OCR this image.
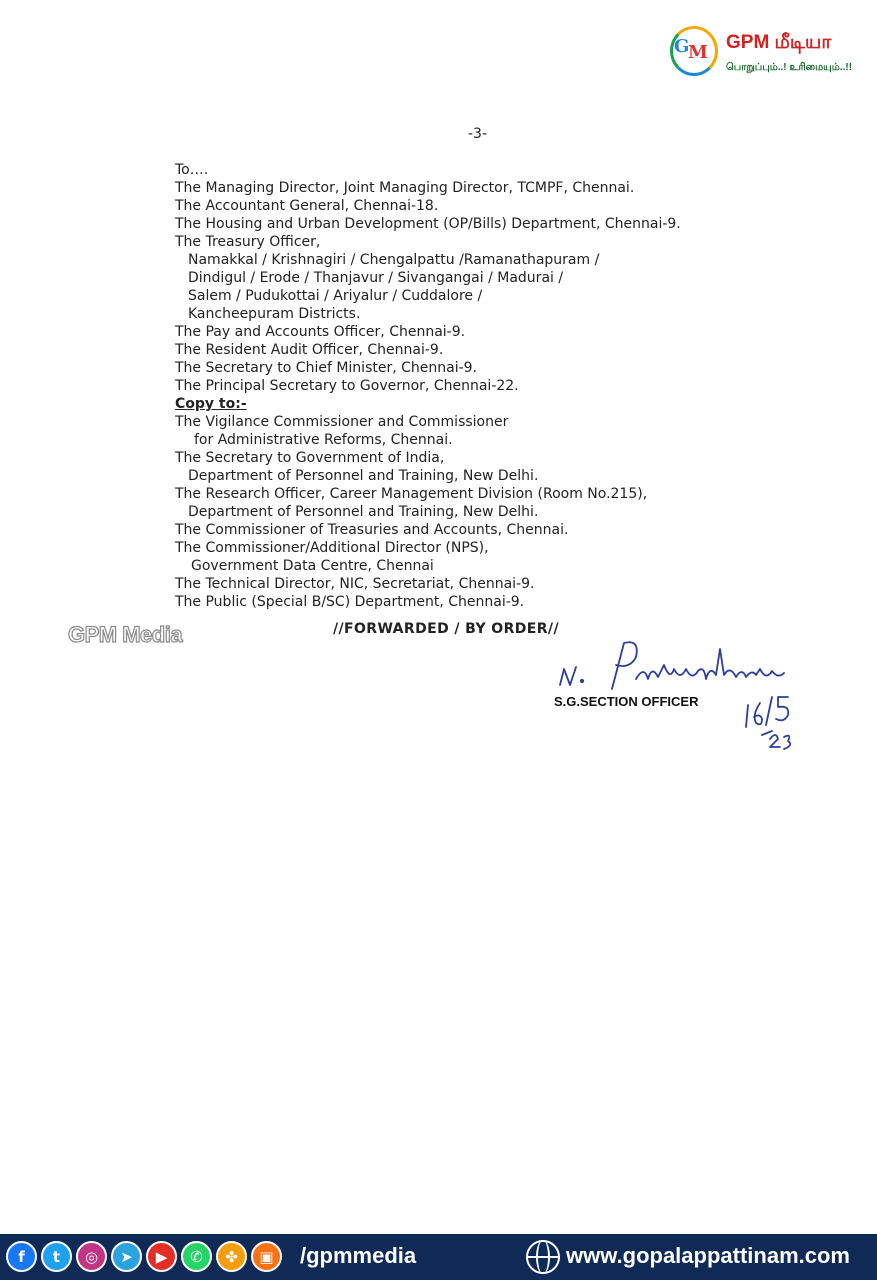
G
M GPM மீடியா
பொறுப்பும்..! உரிமையும்..!!
-3-
To….
The Managing Director, Joint Managing Director, TCMPF, Chennai.
The Accountant General, Chennai-18.
The Housing and Urban Development (OP/Bills) Department, Chennai-9.
The Treasury Officer,
Namakkal / Krishnagiri / Chengalpattu /Ramanathapuram /
Dindigul / Erode / Thanjavur / Sivangangai / Madurai /
Salem / Pudukottai / Ariyalur / Cuddalore /
Kancheepuram Districts.
The Pay and Accounts Officer, Chennai-9.
The Resident Audit Officer, Chennai-9.
The Secretary to Chief Minister, Chennai-9.
The Principal Secretary to Governor, Chennai-22.
Copy to:-
The Vigilance Commissioner and Commissioner
for Administrative Reforms, Chennai.
The Secretary to Government of India,
Department of Personnel and Training, New Delhi.
The Research Officer, Career Management Division (Room No.215),
Department of Personnel and Training, New Delhi.
The Commissioner of Treasuries and Accounts, Chennai.
The Commissioner/Additional Director (NPS),
Government Data Centre, Chennai
The Technical Director, NIC, Secretariat, Chennai-9.
The Public (Special B/SC) Department, Chennai-9.
GPM Media	//FORWARDED / BY ORDER//
S.G.SECTION OFFICER
f	t	◎	➤	▶	✆	✤	▣	/gpmmedia	www.gopalappattinam.com
